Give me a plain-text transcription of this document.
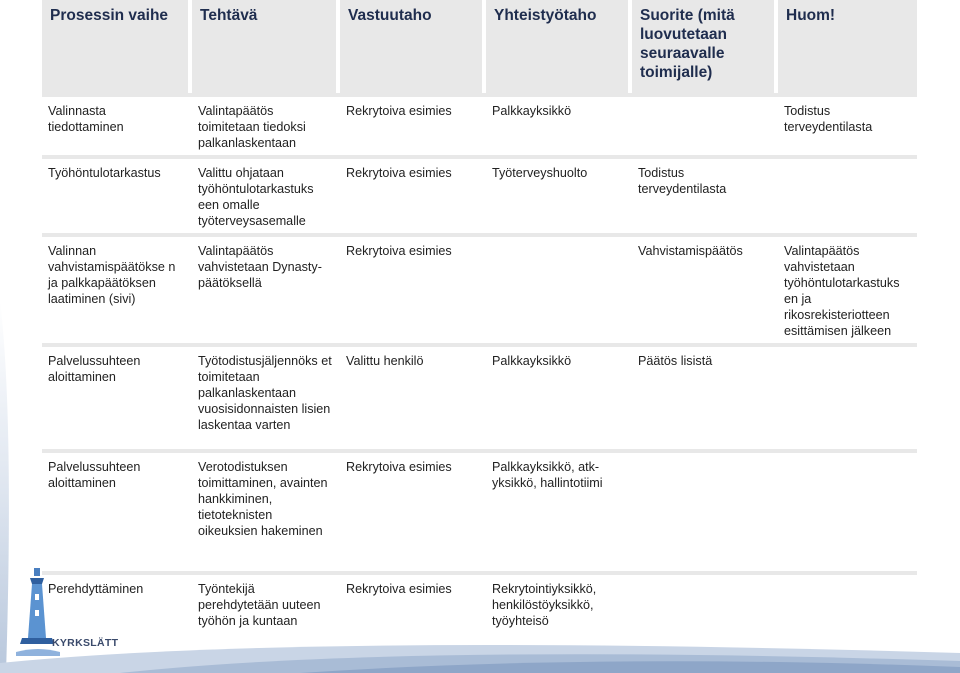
Prosessin vaihe	Tehtävä	Vastuutaho	Yhteistyötaho	Suorite (mitä luovutetaan seuraavalle toimijalle)	Huom!

Valinnasta tiedottaminen	Valintapäätös toimitetaan tiedoksi palkanlaskentaan	Rekrytoiva esimies	Palkkayksikkö		Todistus terveydentilasta

Työhöntulotarkastus	Valittu ohjataan työhöntulotarkastuks een omalle työterveysasemalle	Rekrytoiva esimies	Työterveyshuolto	Todistus terveydentilasta	

Valinnan vahvistamispäätökse n ja palkkapäätöksen laatiminen (sivi)	Valintapäätös vahvistetaan Dynasty-päätöksellä	Rekrytoiva esimies		Vahvistamispäätös	Valintapäätös vahvistetaan työhöntulotarkastuks en ja rikosrekisteriotteen esittämisen jälkeen

Palvelussuhteen aloittaminen	Työtodistusjäljennöks et toimitetaan palkanlaskentaan vuosisidonnaisten lisien laskentaa varten	Valittu henkilö	Palkkayksikkö	Päätös lisistä	

Palvelussuhteen aloittaminen	Verotodistuksen toimittaminen, avainten hankkiminen, tietoteknisten oikeuksien hakeminen	Rekrytoiva esimies	Palkkayksikkö, atk-yksikkö, hallintotiimi		

Perehdyttäminen	Työntekijä perehdytetään uuteen työhön ja kuntaan	Rekrytoiva esimies	Rekrytointiyksikkö, henkilöstöyksikkö, työyhteisö		
KYRKSLÄTT
